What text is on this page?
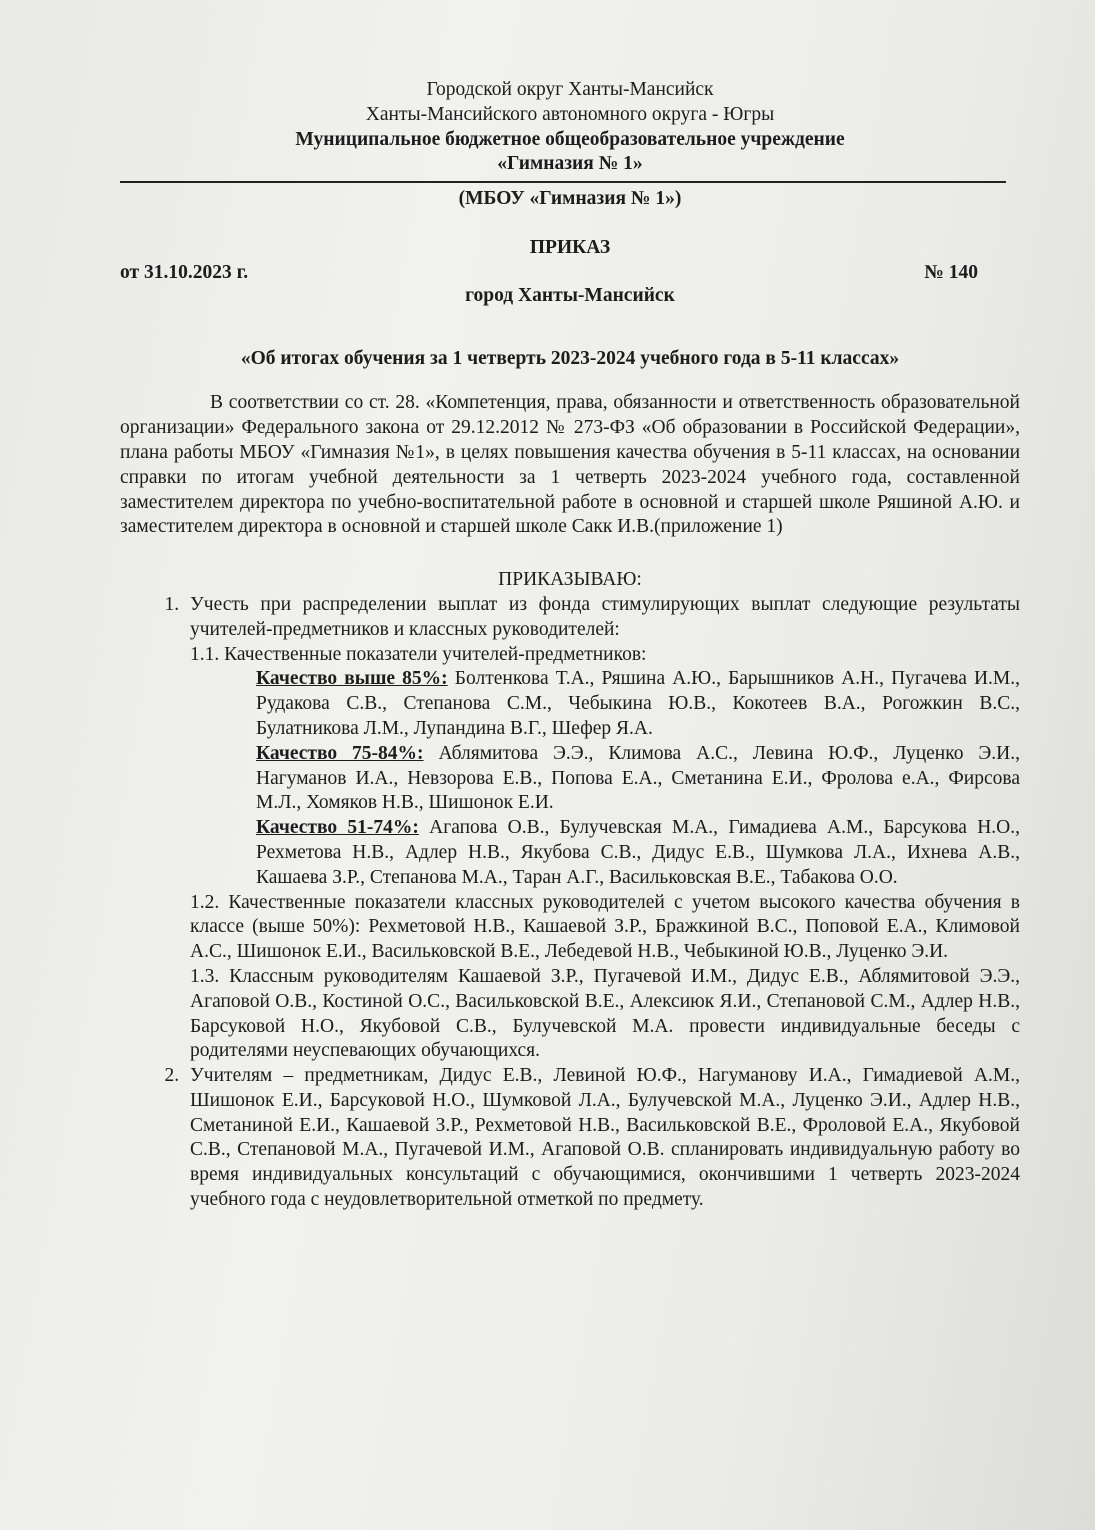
Городской округ Ханты-Мансийск

Ханты-Мансийского автономного округа - Югры

Муниципальное бюджетное общеобразовательное учреждение

«Гимназия № 1»

(МБОУ «Гимназия № 1»)

ПРИКАЗ

от 31.10.2023 г.	№ 140

город Ханты-Мансийск

«Об итогах обучения за 1 четверть 2023-2024 учебного года в 5-11 классах»

В соответствии со ст. 28. «Компетенция, права, обязанности и ответственность образовательной организации» Федерального закона от 29.12.2012 № 273-ФЗ «Об образовании в Российской Федерации», плана работы МБОУ «Гимназия №1», в целях повышения качества обучения в 5-11 классах, на основании справки по итогам учебной деятельности за 1 четверть 2023-2024 учебного года, составленной заместителем директора по учебно-воспитательной работе в основной и старшей школе Ряшиной А.Ю. и заместителем директора в основной и старшей школе Сакк И.В.(приложение 1)

ПРИКАЗЫВАЮ:

1. Учесть при распределении выплат из фонда стимулирующих выплат следующие результаты учителей-предметников и классных руководителей:

1.1. Качественные показатели учителей-предметников:

Качество выше 85%: Болтенкова Т.А., Ряшина А.Ю., Барышников А.Н., Пугачева И.М., Рудакова С.В., Степанова С.М., Чебыкина Ю.В., Кокотеев В.А., Рогожкин В.С., Булатникова Л.М., Лупандина В.Г., Шефер Я.А.

Качество 75-84%: Аблямитова Э.Э., Климова А.С., Левина Ю.Ф., Луценко Э.И., Нагуманов И.А., Невзорова Е.В., Попова Е.А., Сметанина Е.И., Фролова е.А., Фирсова М.Л., Хомяков Н.В., Шишонок Е.И.

Качество 51-74%: Агапова О.В., Булучевская М.А., Гимадиева А.М., Барсукова Н.О., Рехметова Н.В., Адлер Н.В., Якубова С.В., Дидус Е.В., Шумкова Л.А., Ихнева А.В., Кашаева З.Р., Степанова М.А., Таран А.Г., Васильковская В.Е., Табакова О.О.

1.2. Качественные показатели классных руководителей с учетом высокого качества обучения в классе (выше 50%): Рехметовой Н.В., Кашаевой З.Р., Бражкиной В.С., Поповой Е.А., Климовой А.С., Шишонок Е.И., Васильковской В.Е., Лебедевой Н.В., Чебыкиной Ю.В., Луценко Э.И.

1.3. Классным руководителям Кашаевой З.Р., Пугачевой И.М., Дидус Е.В., Аблямитовой Э.Э., Агаповой О.В., Костиной О.С., Васильковской В.Е., Алексиюк Я.И., Степановой С.М., Адлер Н.В., Барсуковой Н.О., Якубовой С.В., Булучевской М.А. провести индивидуальные беседы с родителями неуспевающих обучающихся.

2. Учителям – предметникам, Дидус Е.В., Левиной Ю.Ф., Нагуманову И.А., Гимадиевой А.М., Шишонок Е.И., Барсуковой Н.О., Шумковой Л.А., Булучевской М.А., Луценко Э.И., Адлер Н.В., Сметаниной Е.И., Кашаевой З.Р., Рехметовой Н.В., Васильковской В.Е., Фроловой Е.А., Якубовой С.В., Степановой М.А., Пугачевой И.М., Агаповой О.В. спланировать индивидуальную работу во время индивидуальных консультаций с обучающимися, окончившими 1 четверть 2023-2024 учебного года с неудовлетворительной отметкой по предмету.
